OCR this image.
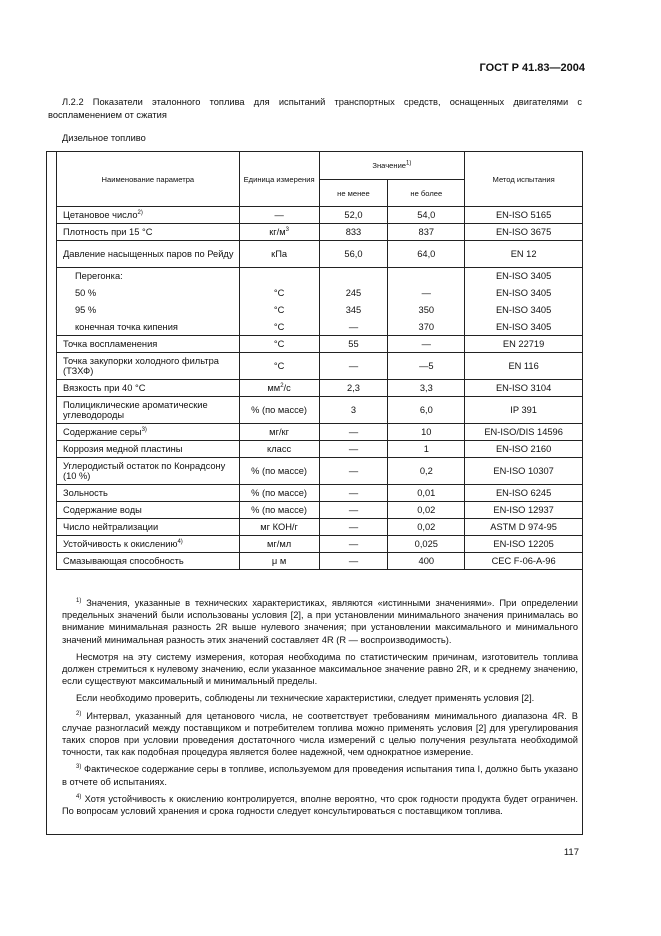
ГОСТ Р 41.83—2004
Л.2.2 Показатели эталонного топлива для испытаний транспортных средств, оснащенных двигателями с воспламенением от сжатия
Дизельное топливо
Наименование параметра	Единица измерения	Значение$^{1)}$		Метод испытания
		не менее	не более	
Цетановое число$^{2)}$	—	52,0	54,0	EN-ISO 5165
Плотность при 15 °С	$кг/м^3$	833	837	EN-ISO 3675
Давление насыщенных паров по Рейду	кПа	56,0	64,0	EN 12
Перегонка:				EN-ISO 3405
50 %	°С	245	—	EN-ISO 3405
95 %	°С	345	350	EN-ISO 3405
конечная точка кипения	°С	—	370	EN-ISO 3405
Точка воспламенения	°С	55	—	EN 22719
Точка закупорки холодного фильтра (ТЗХФ)	°С	—	—5	EN 116
Вязкость при 40 °С	$мм^2/с$	2,3	3,3	EN-ISO 3104
Полициклические ароматические углеводороды	% (по массе)	3	6,0	IP 391
Содержание серы$^{3)}$	мг/кг	—	10	EN-ISO/DIS 14596
Коррозия медной пластины	класс	—	1	EN-ISO 2160
Углеродистый остаток по Конрадсону (10 %)	% (по массе)	—	0,2	EN-ISO 10307
Зольность	% (по массе)	—	0,01	EN-ISO 6245
Содержание воды	% (по массе)	—	0,02	EN-ISO 12937
Число нейтрализации	мг КОН/г	—	0,02	ASTM D 974-95
Устойчивость к окислению$^{4)}$	мг/мл	—	0,025	EN-ISO 12205
Смазывающая способность	μ м	—	400	CEC F-06-A-96

$^{1)}$ Значения, указанные в технических характеристиках, являются «истинными значениями». При определении предельных значений были использованы условия [2], а при установлении минимального значения принималась во внимание минимальная разность 2R выше нулевого значения; при установлении максимального и минимального значений минимальная разность этих значений составляет 4R (R — воспроизводимость).

Несмотря на эту систему измерения, которая необходима по статистическим причинам, изготовитель топлива должен стремиться к нулевому значению, если указанное максимальное значение равно 2R, и к среднему значению, если существуют максимальный и минимальный пределы.

Если необходимо проверить, соблюдены ли технические характеристики, следует применять условия [2].

$^{2)}$ Интервал, указанный для цетанового числа, не соответствует требованиям минимального диапазона 4R. В случае разногласий между поставщиком и потребителем топлива можно применять условия [2] для урегулирования таких споров при условии проведения достаточного числа измерений с целью получения результата необходимой точности, так как подобная процедура является более надежной, чем однократное измерение.

$^{3)}$ Фактическое содержание серы в топливе, используемом для проведения испытания типа I, должно быть указано в отчете об испытаниях.

$^{4)}$ Хотя устойчивость к окислению контролируется, вполне вероятно, что срок годности продукта будет ограничен. По вопросам условий хранения и срока годности следует консультироваться с поставщиком топлива.

117
